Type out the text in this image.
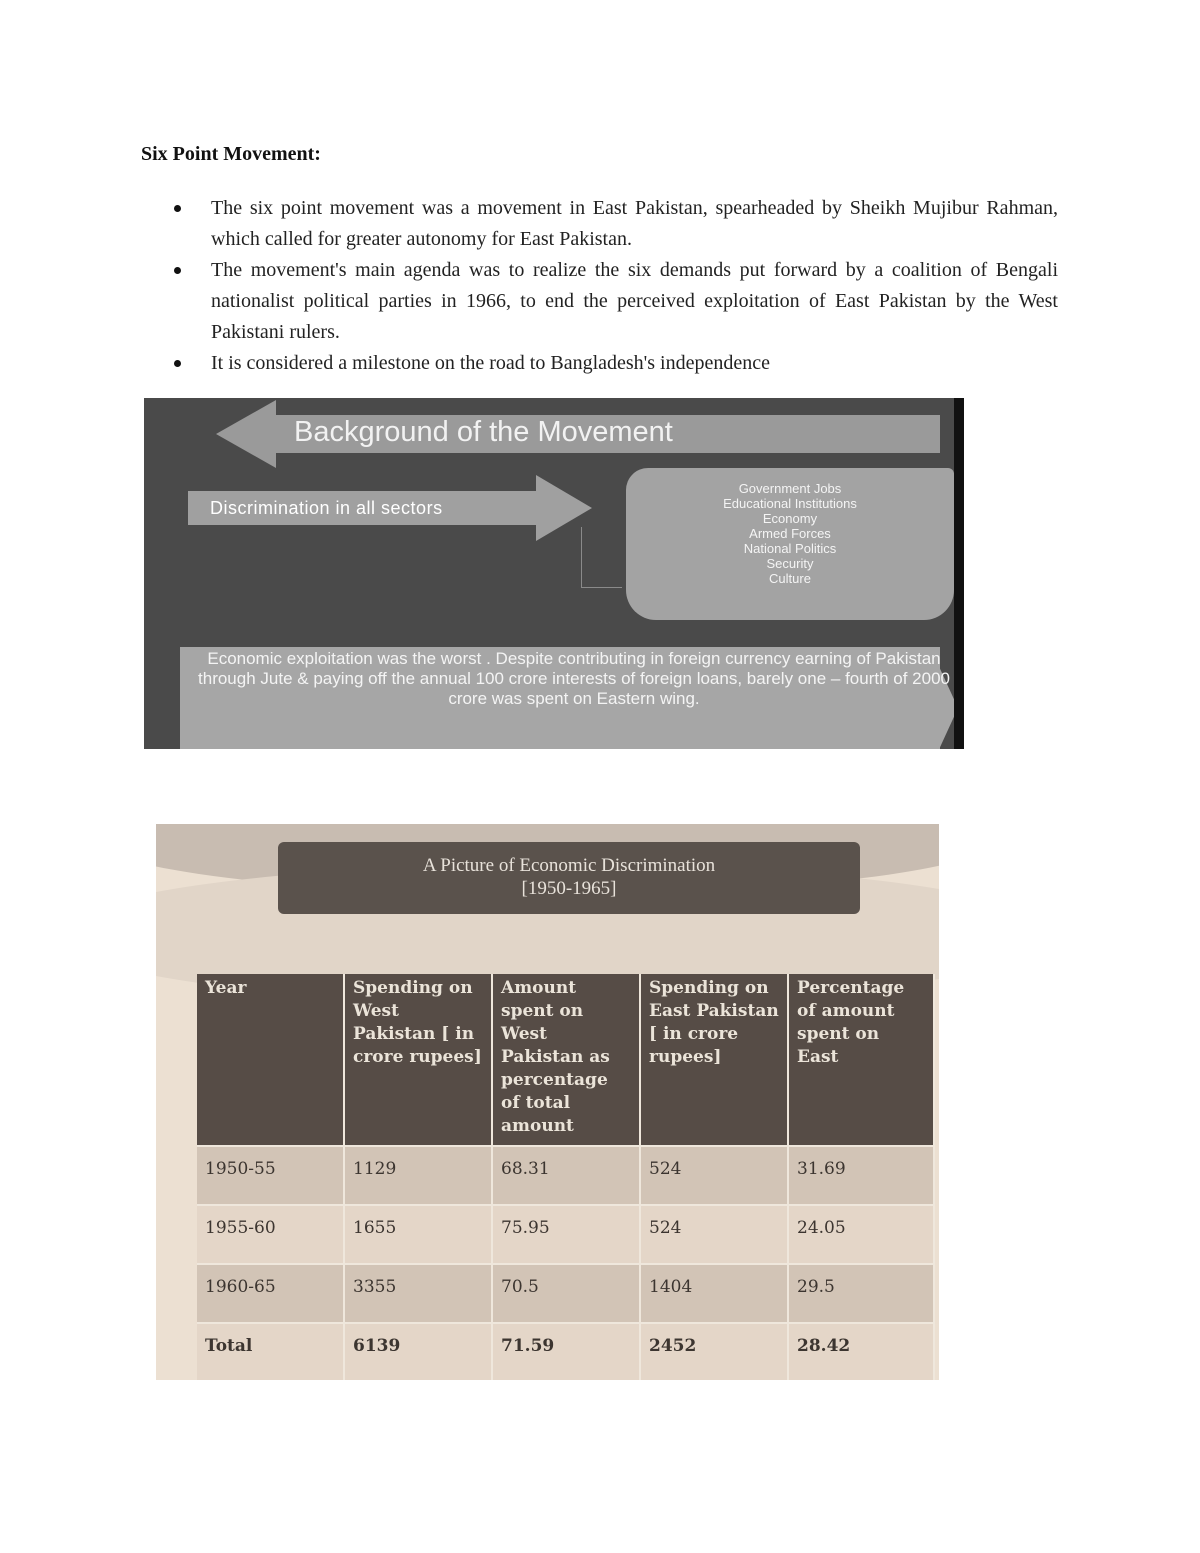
Six Point Movement:
The six point movement was a movement in East Pakistan, spearheaded by Sheikh Mujibur Rahman, which called for greater autonomy for East Pakistan.
The movement's main agenda was to realize the six demands put forward by a coalition of Bengali nationalist political parties in 1966, to end the perceived exploitation of East Pakistan by the West Pakistani rulers.
It is considered a milestone on the road to Bangladesh's independence
Background of the Movement
Discrimination in all sectors
Government Jobs
Educational Institutions
Economy
Armed Forces
National Politics
Security
Culture
Economic exploitation was the worst . Despite contributing in foreign currency earning of Pakistan through Jute & paying off the annual 100 crore interests of foreign loans, barely one – fourth of 2000 crore was spent on Eastern wing.
A Picture of Economic Discrimination
[1950-1965]
Year	Spending on West Pakistan [ in crore rupees]	Amount spent on West Pakistan as percentage of total amount	Spending on East Pakistan [ in crore rupees]	Percentage of amount spent on East
1950-55	1129	68.31	524	31.69
1955-60	1655	75.95	524	24.05
1960-65	3355	70.5	1404	29.5
Total	6139	71.59	2452	28.42
